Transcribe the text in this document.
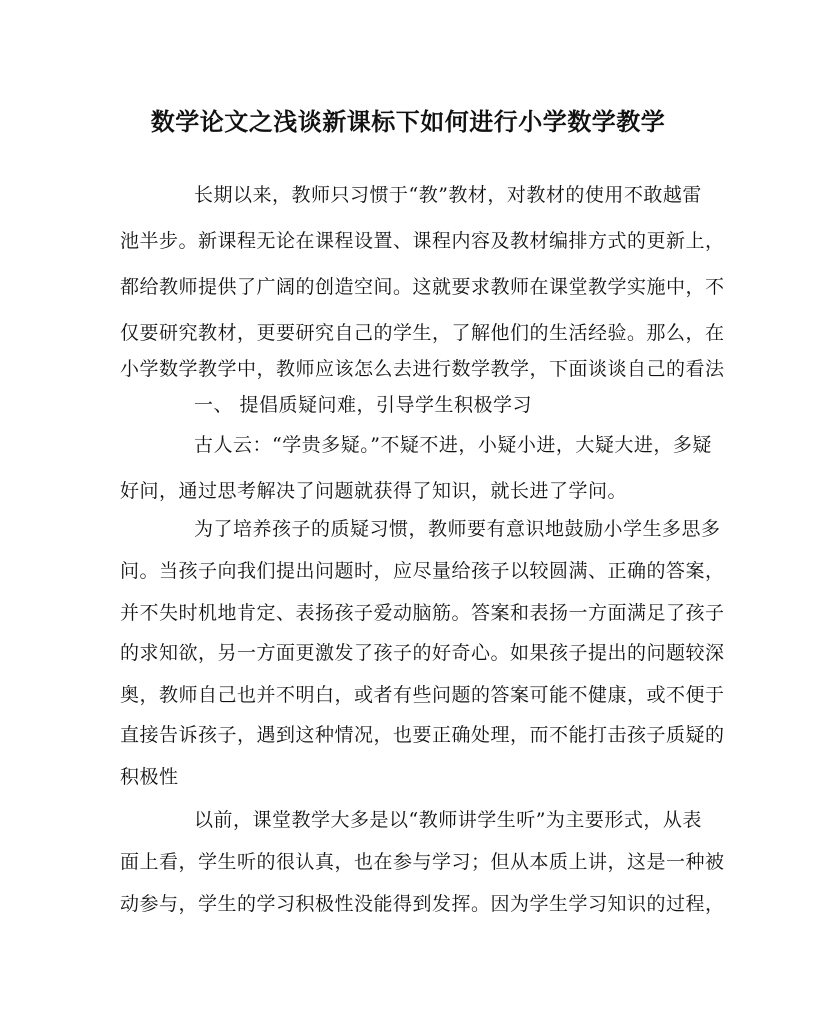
数学论文之浅谈新课标下如何进行小学数学教学
长期以来，教师只习惯于“教”教材，对教材的使用不敢越雷
池半步。新课程无论在课程设置、课程内容及教材编排方式的更新上，
都给教师提供了广阔的创造空间。这就要求教师在课堂教学实施中，不
仅要研究教材，更要研究自己的学生，了解他们的生活经验。那么，在
小学数学教学中，教师应该怎么去进行数学教学，下面谈谈自己的看法
一、 提倡质疑问难，引导学生积极学习
古人云：“学贵多疑。”不疑不进，小疑小进，大疑大进，多疑
好问，通过思考解决了问题就获得了知识，就长进了学问。
为了培养孩子的质疑习惯，教师要有意识地鼓励小学生多思多
问。当孩子向我们提出问题时，应尽量给孩子以较圆满、正确的答案，
并不失时机地肯定、表扬孩子爱动脑筋。答案和表扬一方面满足了孩子
的求知欲，另一方面更激发了孩子的好奇心。如果孩子提出的问题较深
奥，教师自己也并不明白，或者有些问题的答案可能不健康，或不便于
直接告诉孩子，遇到这种情况，也要正确处理，而不能打击孩子质疑的
积极性
以前，课堂教学大多是以“教师讲学生听”为主要形式，从表
面上看，学生听的很认真，也在参与学习；但从本质上讲，这是一种被
动参与，学生的学习积极性没能得到发挥。因为学生学习知识的过程，
